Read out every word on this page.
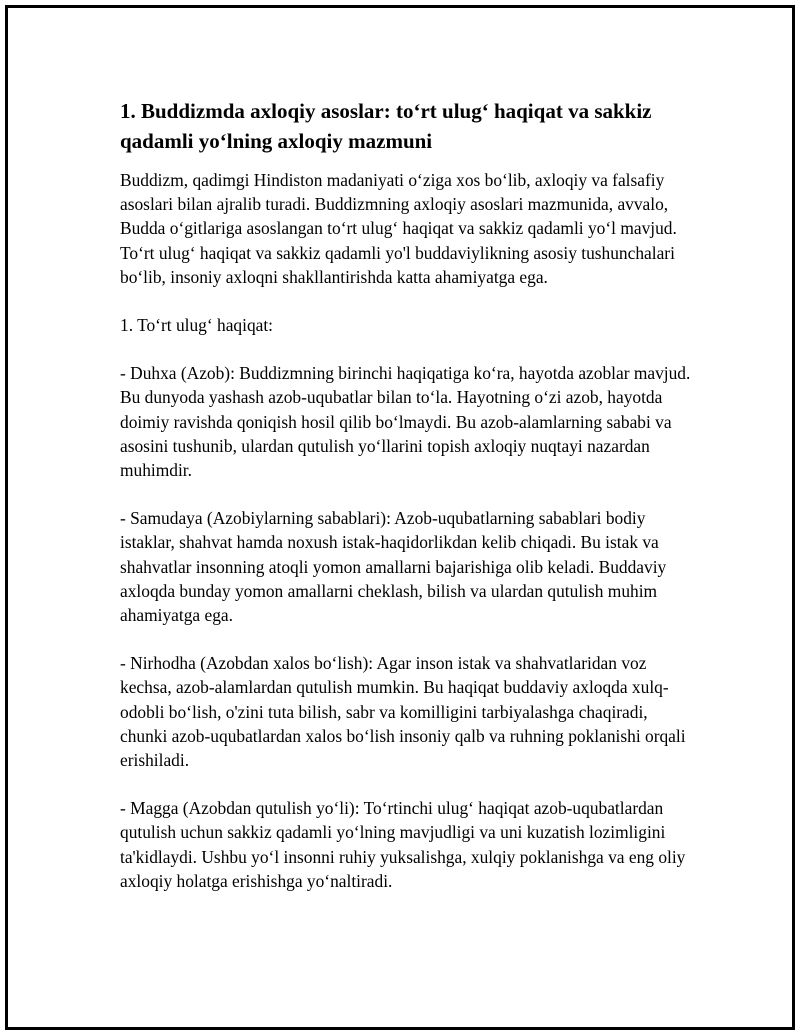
1. Buddizmda axloqiy asoslar: to‘rt ulug‘ haqiqat va sakkiz qadamli yo‘lning axloqiy mazmuni

Buddizm, qadimgi Hindiston madaniyati o‘ziga xos bo‘lib, axloqiy va falsafiy asoslari bilan ajralib turadi. Buddizmning axloqiy asoslari mazmunida, avvalo, Budda o‘gitlariga asoslangan to‘rt ulug‘ haqiqat va sakkiz qadamli yo‘l mavjud. To‘rt ulug‘ haqiqat va sakkiz qadamli yo'l buddaviylikning asosiy tushunchalari bo‘lib, insoniy axloqni shakllantirishda katta ahamiyatga ega.

1. To‘rt ulug‘ haqiqat:

- Duhxa (Azob): Buddizmning birinchi haqiqatiga ko‘ra, hayotda azoblar mavjud. Bu dunyoda yashash azob-uqubatlar bilan to‘la. Hayotning o‘zi azob, hayotda doimiy ravishda qoniqish hosil qilib bo‘lmaydi. Bu azob-alamlarning sababi va asosini tushunib, ulardan qutulish yo‘llarini topish axloqiy nuqtayi nazardan muhimdir.

- Samudaya (Azobiylarning sabablari): Azob-uqubatlarning sabablari bodiy istaklar, shahvat hamda noxush istak-haqidorlikdan kelib chiqadi. Bu istak va shahvatlar insonning atoqli yomon amallarni bajarishiga olib keladi. Buddaviy axloqda bunday yomon amallarni cheklash, bilish va ulardan qutulish muhim ahamiyatga ega.

- Nirhodha (Azobdan xalos bo‘lish): Agar inson istak va shahvatlaridan voz kechsa, azob-alamlardan qutulish mumkin. Bu haqiqat buddaviy axloqda xulq-odobli bo‘lish, o'zini tuta bilish, sabr va komilligini tarbiyalashga chaqiradi, chunki azob-uqubatlardan xalos bo‘lish insoniy qalb va ruhning poklanishi orqali erishiladi.

- Magga (Azobdan qutulish yo‘li): To‘rtinchi ulug‘ haqiqat azob-uqubatlardan qutulish uchun sakkiz qadamli yo‘lning mavjudligi va uni kuzatish lozimligini ta'kidlaydi. Ushbu yo‘l insonni ruhiy yuksalishga, xulqiy poklanishga va eng oliy axloqiy holatga erishishga yo‘naltiradi.
